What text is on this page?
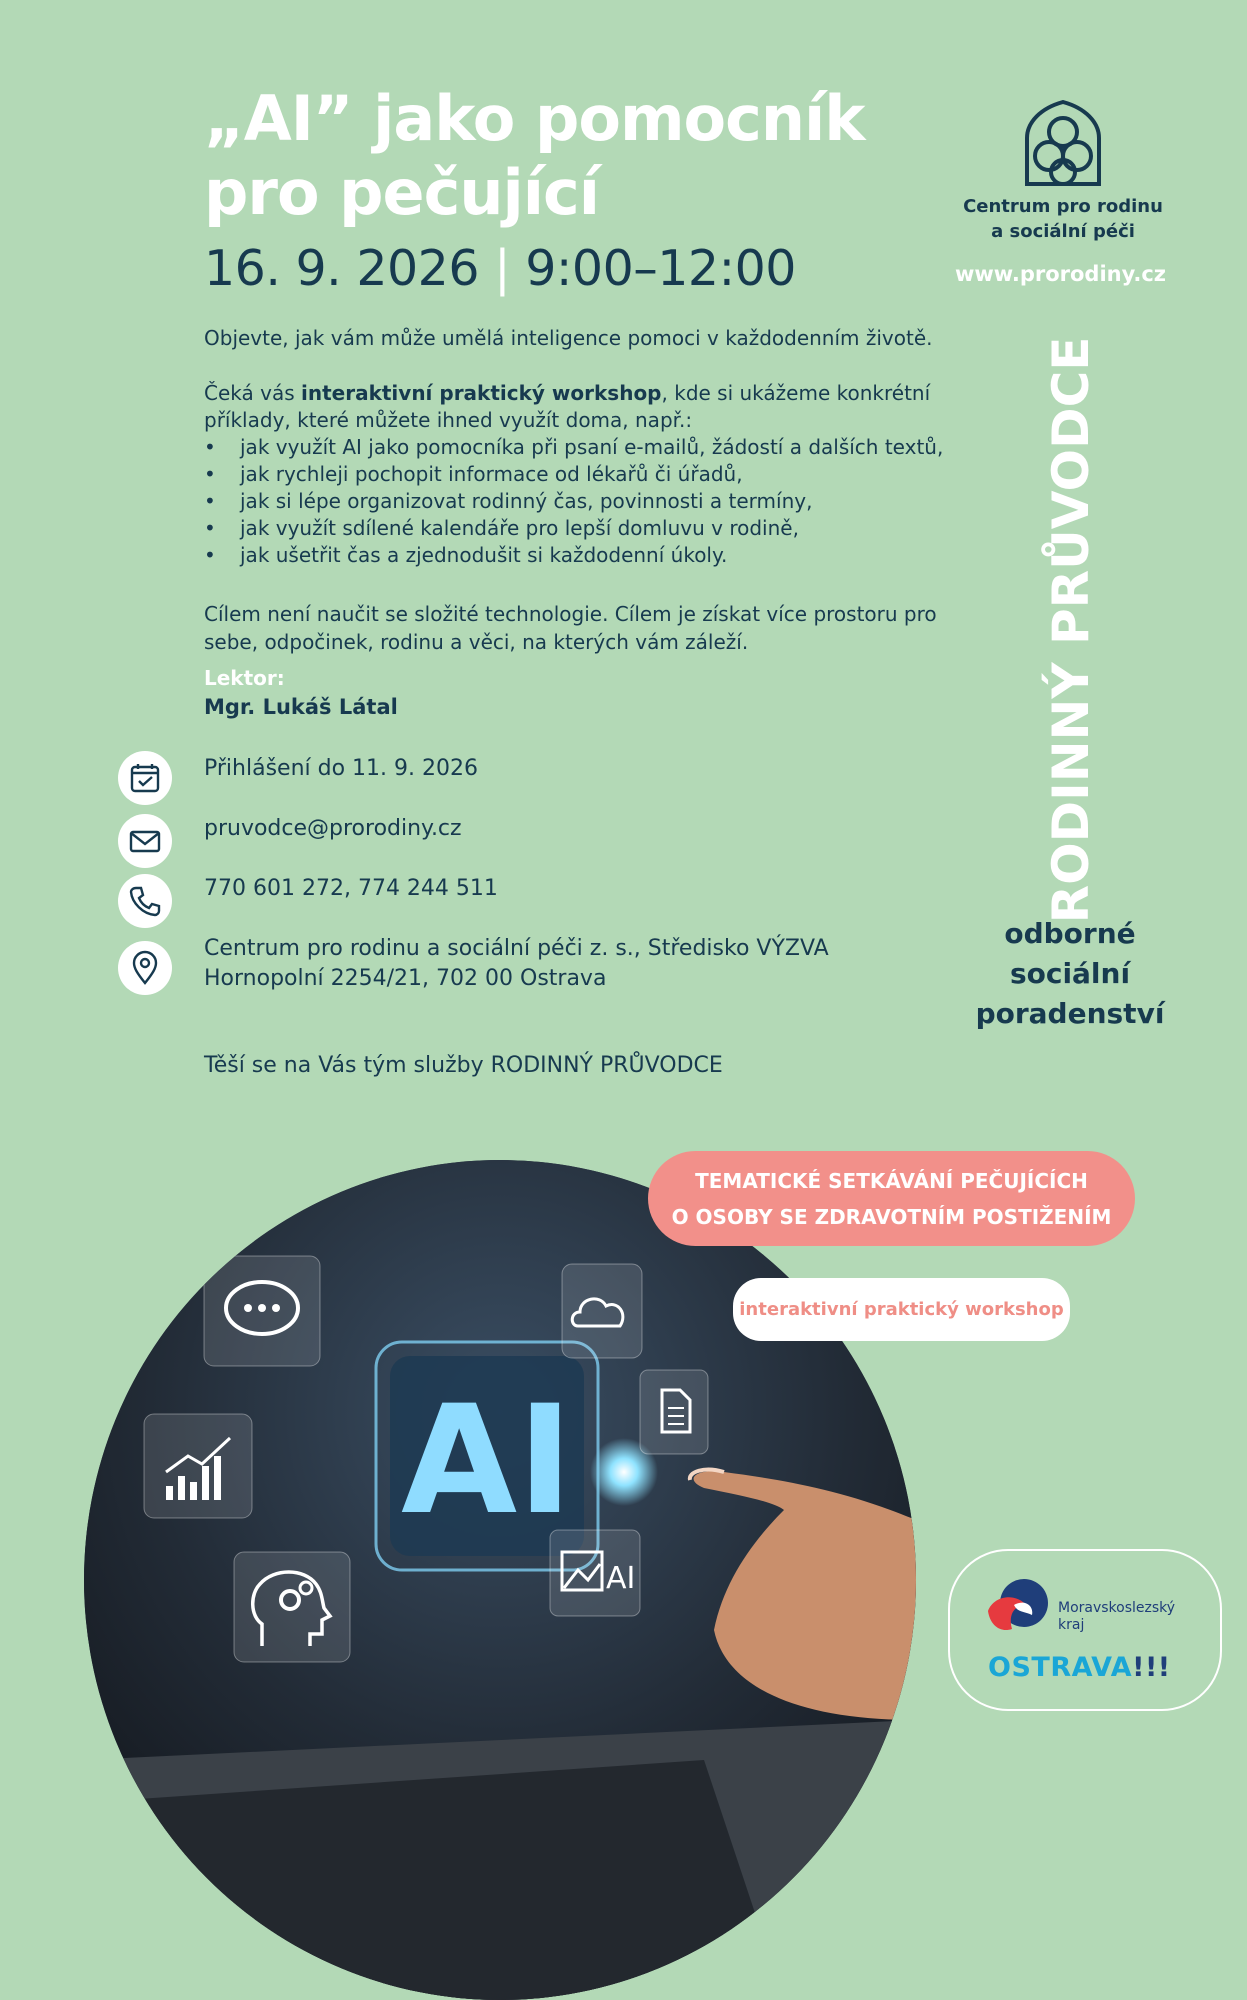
„AI” jako pomocník
pro pečující
16. 9. 2026 | 9:00–12:00
Objevte, jak vám může umělá inteligence pomoci v každodenním životě.
Čeká vás interaktivní praktický workshop, kde si ukážeme konkrétní příklady, které můžete ihned využít doma, např.:
• jak využít AI jako pomocníka při psaní e-mailů, žádostí a dalších textů,
• jak rychleji pochopit informace od lékařů či úřadů,
• jak si lépe organizovat rodinný čas, povinnosti a termíny,
• jak využít sdílené kalendáře pro lepší domluvu v rodině,
• jak ušetřit čas a zjednodušit si každodenní úkoly.
Cílem není naučit se složité technologie. Cílem je získat více prostoru pro sebe, odpočinek, rodinu a věci, na kterých vám záleží.
Lektor:
Mgr. Lukáš Látal
Přihlášení do 11. 9. 2026
pruvodce@prorodiny.cz
770 601 272, 774 244 511
Centrum pro rodinu a sociální péči z. s., Středisko VÝZVA
Hornopolní 2254/21, 702 00 Ostrava
Těší se na Vás tým služby RODINNÝ PRŮVODCE
Centrum pro rodinu
a sociální péči
www.prorodiny.cz
RODINNÝ PRŮVODCE
odborné
sociální
poradenství
AI
AI
TEMATICKÉ SETKÁVÁNÍ PEČUJÍCÍCH
O OSOBY SE ZDRAVOTNÍM POSTIŽENÍM
interaktivní praktický workshop
Moravskoslezský
kraj
OSTRAVA!!!
